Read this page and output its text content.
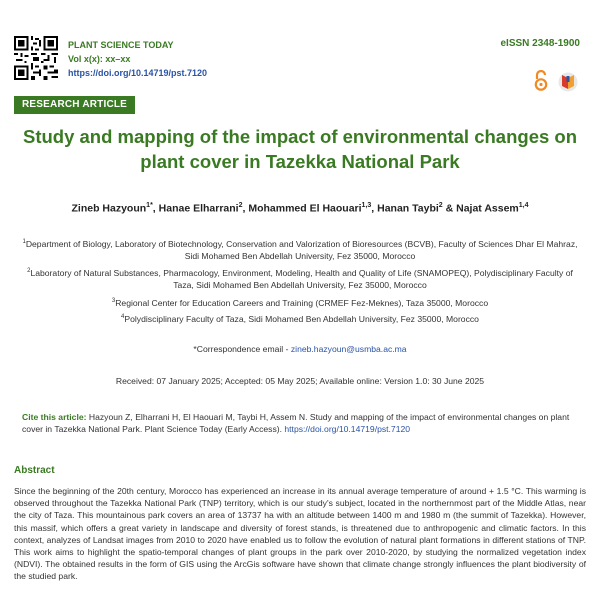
PLANT SCIENCE TODAY
Vol x(x): xx–xx
https://doi.org/10.14719/pst.7120
eISSN 2348-1900
RESEARCH ARTICLE
Study and mapping of the impact of environmental changes on
plant cover in Tazekka National Park
Zineb Hazyoun$^{1*}$, Hanae Elharrani$^2$, Mohammed El Haouari$^{1,3}$, Hanan Taybi$^2$ & Najat Assem$^{1,4}$
$^1$Department of Biology, Laboratory of Biotechnology, Conservation and Valorization of Bioresources (BCVB), Faculty of Sciences Dhar El Mahraz, Sidi Mohamed Ben Abdellah University, Fez 35000, Morocco
$^2$Laboratory of Natural Substances, Pharmacology, Environment, Modeling, Health and Quality of Life (SNAMOPEQ), Polydisciplinary Faculty of Taza, Sidi Mohamed Ben Abdellah University, Fez 35000, Morocco
$^3$Regional Center for Education Careers and Training (CRMEF Fez-Meknes), Taza 35000, Morocco
$^4$Polydisciplinary Faculty of Taza, Sidi Mohamed Ben Abdellah University, Fez 35000, Morocco
*Correspondence email - zineb.hazyoun@usmba.ac.ma
Received: 07 January 2025; Accepted: 05 May 2025; Available online: Version 1.0: 30 June 2025
Cite this article: Hazyoun Z, Elharrani H, El Haouari M, Taybi H, Assem N. Study and mapping of the impact of environmental changes on plant cover in Tazekka National Park. Plant Science Today (Early Access). https://doi.org/10.14719/pst.7120
Abstract
Since the beginning of the 20th century, Morocco has experienced an increase in its annual average temperature of around + 1.5 °C. This warming is observed throughout the Tazekka National Park (TNP) territory, which is our study's subject, located in the northernmost part of the Middle Atlas, near the city of Taza. This mountainous park covers an area of 13737 ha with an altitude between 1400 m and 1980 m (the summit of Tazekka). However, this massif, which offers a great variety in landscape and diversity of forest stands, is threatened due to anthropogenic and climatic factors. In this context, analyzes of Landsat images from 2010 to 2020 have enabled us to follow the evolution of natural plant formations in different stations of TNP. This work aims to highlight the spatio-temporal changes of plant groups in the park over 2010-2020, by studying the normalized vegetation index (NDVI). The obtained results in the form of GIS using the ArcGis software have shown that climate change strongly influences the plant biodiversity of the studied park.
